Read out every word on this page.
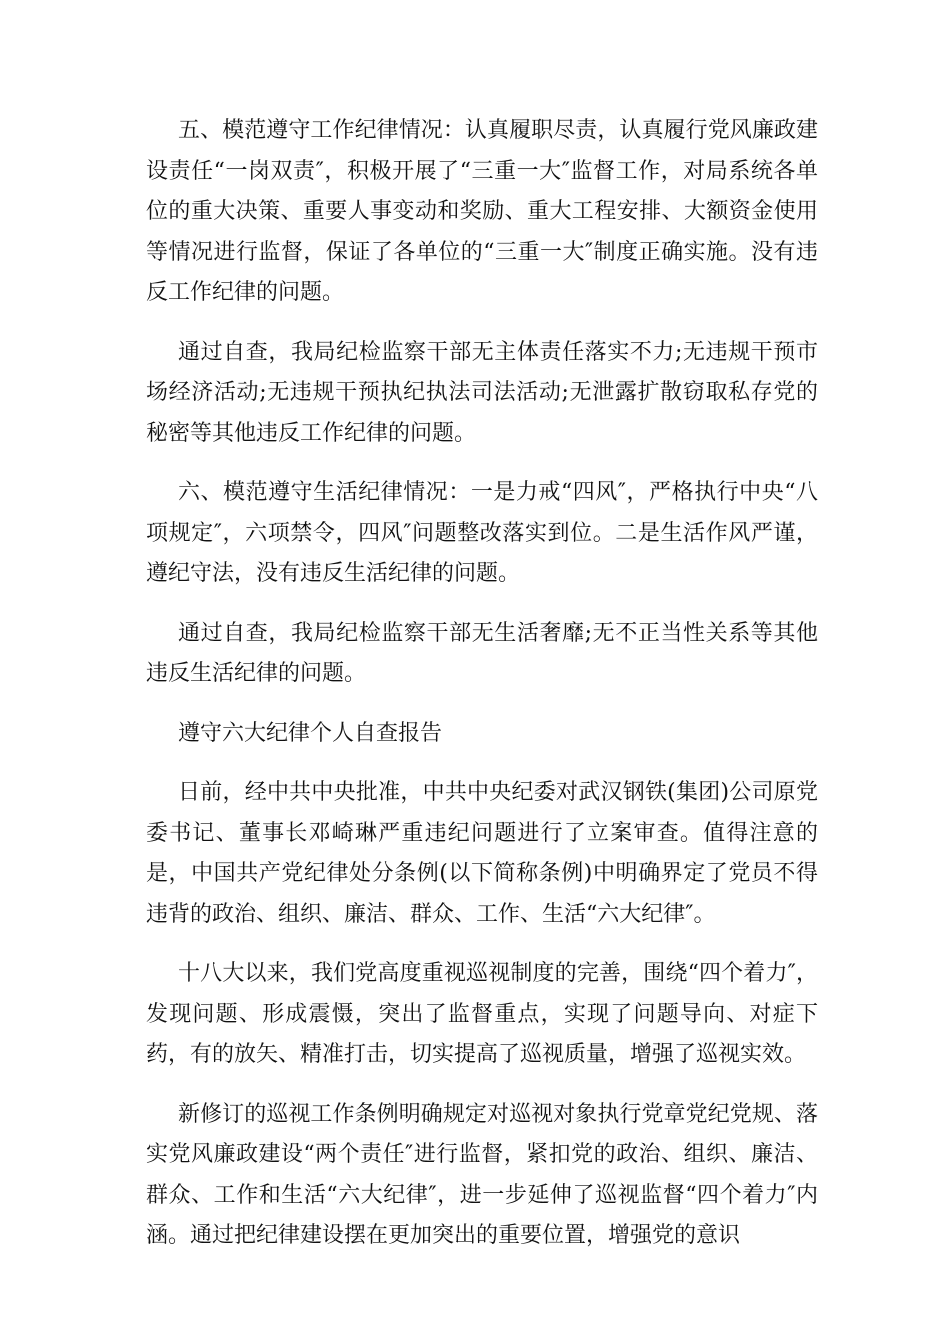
五、模范遵守工作纪律情况：认真履职尽责，认真履行党风廉政建设责任“一岗双责″，积极开展了“三重一大″监督工作，对局系统各单位的重大决策、重要人事变动和奖励、重大工程安排、大额资金使用等情况进行监督，保证了各单位的“三重一大″制度正确实施。没有违反工作纪律的问题。

通过自查，我局纪检监察干部无主体责任落实不力;无违规干预市场经济活动;无违规干预执纪执法司法活动;无泄露扩散窃取私存党的秘密等其他违反工作纪律的问题。

六、模范遵守生活纪律情况：一是力戒“四风″，严格执行中央“八项规定″，六项禁令，四风″问题整改落实到位。二是生活作风严谨，遵纪守法，没有违反生活纪律的问题。

通过自查，我局纪检监察干部无生活奢靡;无不正当性关系等其他违反生活纪律的问题。

遵守六大纪律个人自查报告

日前，经中共中央批准，中共中央纪委对武汉钢铁(集团)公司原党委书记、董事长邓崎琳严重违纪问题进行了立案审查。值得注意的是，中国共产党纪律处分条例(以下简称条例)中明确界定了党员不得违背的政治、组织、廉洁、群众、工作、生活“六大纪律″。

十八大以来，我们党高度重视巡视制度的完善，围绕“四个着力″，发现问题、形成震慑，突出了监督重点，实现了问题导向、对症下药，有的放矢、精准打击，切实提高了巡视质量，增强了巡视实效。

新修订的巡视工作条例明确规定对巡视对象执行党章党纪党规、落实党风廉政建设“两个责任″进行监督，紧扣党的政治、组织、廉洁、群众、工作和生活“六大纪律″，进一步延伸了巡视监督“四个着力″内涵。通过把纪律建设摆在更加突出的重要位置，增强党的意识
